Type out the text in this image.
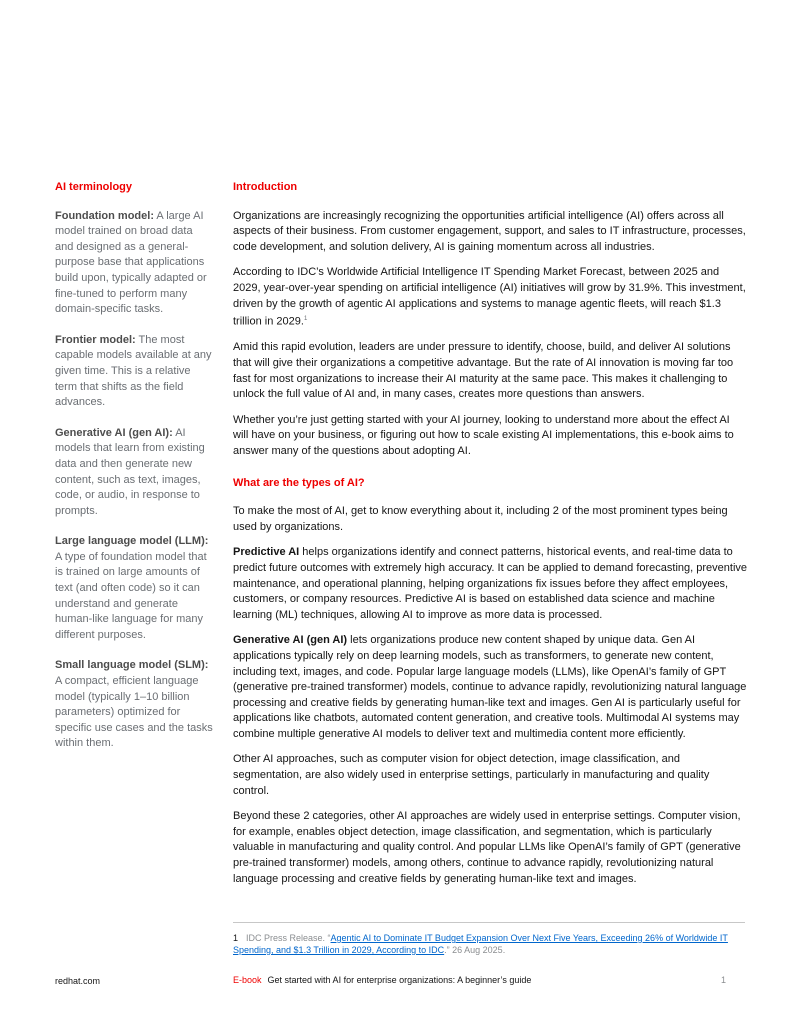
AI terminology

Foundation model: A large AI model trained on broad data and designed as a general-purpose base that applications build upon, typically adapted or fine-tuned to perform many domain-specific tasks.

Frontier model: The most capable models available at any given time. This is a relative term that shifts as the field advances.

Generative AI (gen AI): AI models that learn from existing data and then generate new content, such as text, images, code, or audio, in response to prompts.

Large language model (LLM): A type of foundation model that is trained on large amounts of text (and often code) so it can understand and generate human-like language for many different purposes.

Small language model (SLM): A compact, efficient language model (typically 1–10 billion parameters) optimized for specific use cases and the tasks within them.

Introduction

Organizations are increasingly recognizing the opportunities artificial intelligence (AI) offers across all aspects of their business. From customer engagement, support, and sales to IT infrastructure, processes, code development, and solution delivery, AI is gaining momentum across all industries.

According to IDC’s Worldwide Artificial Intelligence IT Spending Market Forecast, between 2025 and 2029, year-over-year spending on artificial intelligence (AI) initiatives will grow by 31.9%. This investment, driven by the growth of agentic AI applications and systems to manage agentic fleets, will reach $1.3 trillion in 2029.$^1$

Amid this rapid evolution, leaders are under pressure to identify, choose, build, and deliver AI solutions that will give their organizations a competitive advantage. But the rate of AI innovation is moving far too fast for most organizations to increase their AI maturity at the same pace. This makes it challenging to unlock the full value of AI and, in many cases, creates more questions than answers.

Whether you’re just getting started with your AI journey, looking to understand more about the effect AI will have on your business, or figuring out how to scale existing AI implementations, this e-book aims to answer many of the questions about adopting AI.

What are the types of AI?

To make the most of AI, get to know everything about it, including 2 of the most prominent types being used by organizations.

Predictive AI helps organizations identify and connect patterns, historical events, and real-time data to predict future outcomes with extremely high accuracy. It can be applied to demand forecasting, preventive maintenance, and operational planning, helping organizations fix issues before they affect employees, customers, or company resources. Predictive AI is based on established data science and machine learning (ML) techniques, allowing AI to improve as more data is processed.

Generative AI (gen AI) lets organizations produce new content shaped by unique data. Gen AI applications typically rely on deep learning models, such as transformers, to generate new content, including text, images, and code. Popular large language models (LLMs), like OpenAI’s family of GPT (generative pre-trained transformer) models, continue to advance rapidly, revolutionizing natural language processing and creative fields by generating human-like text and images. Gen AI is particularly useful for applications like chatbots, automated content generation, and creative tools. Multimodal AI systems may combine multiple generative AI models to deliver text and multimedia content more efficiently.

Other AI approaches, such as computer vision for object detection, image classification, and segmentation, are also widely used in enterprise settings, particularly in manufacturing and quality control.

Beyond these 2 categories, other AI approaches are widely used in enterprise settings. Computer vision, for example, enables object detection, image classification, and segmentation, which is particularly valuable in manufacturing and quality control. And popular LLMs like OpenAI’s family of GPT (generative pre-trained transformer) models, among others, continue to advance rapidly, revolutionizing natural language processing and creative fields by generating human-like text and images.

1 IDC Press Release. “Agentic AI to Dominate IT Budget Expansion Over Next Five Years, Exceeding 26% of Worldwide IT Spending, and $1.3 Trillion in 2029, According to IDC.” 26 Aug 2025.
redhat.com	E-book Get started with AI for enterprise organizations: A beginner’s guide	1
